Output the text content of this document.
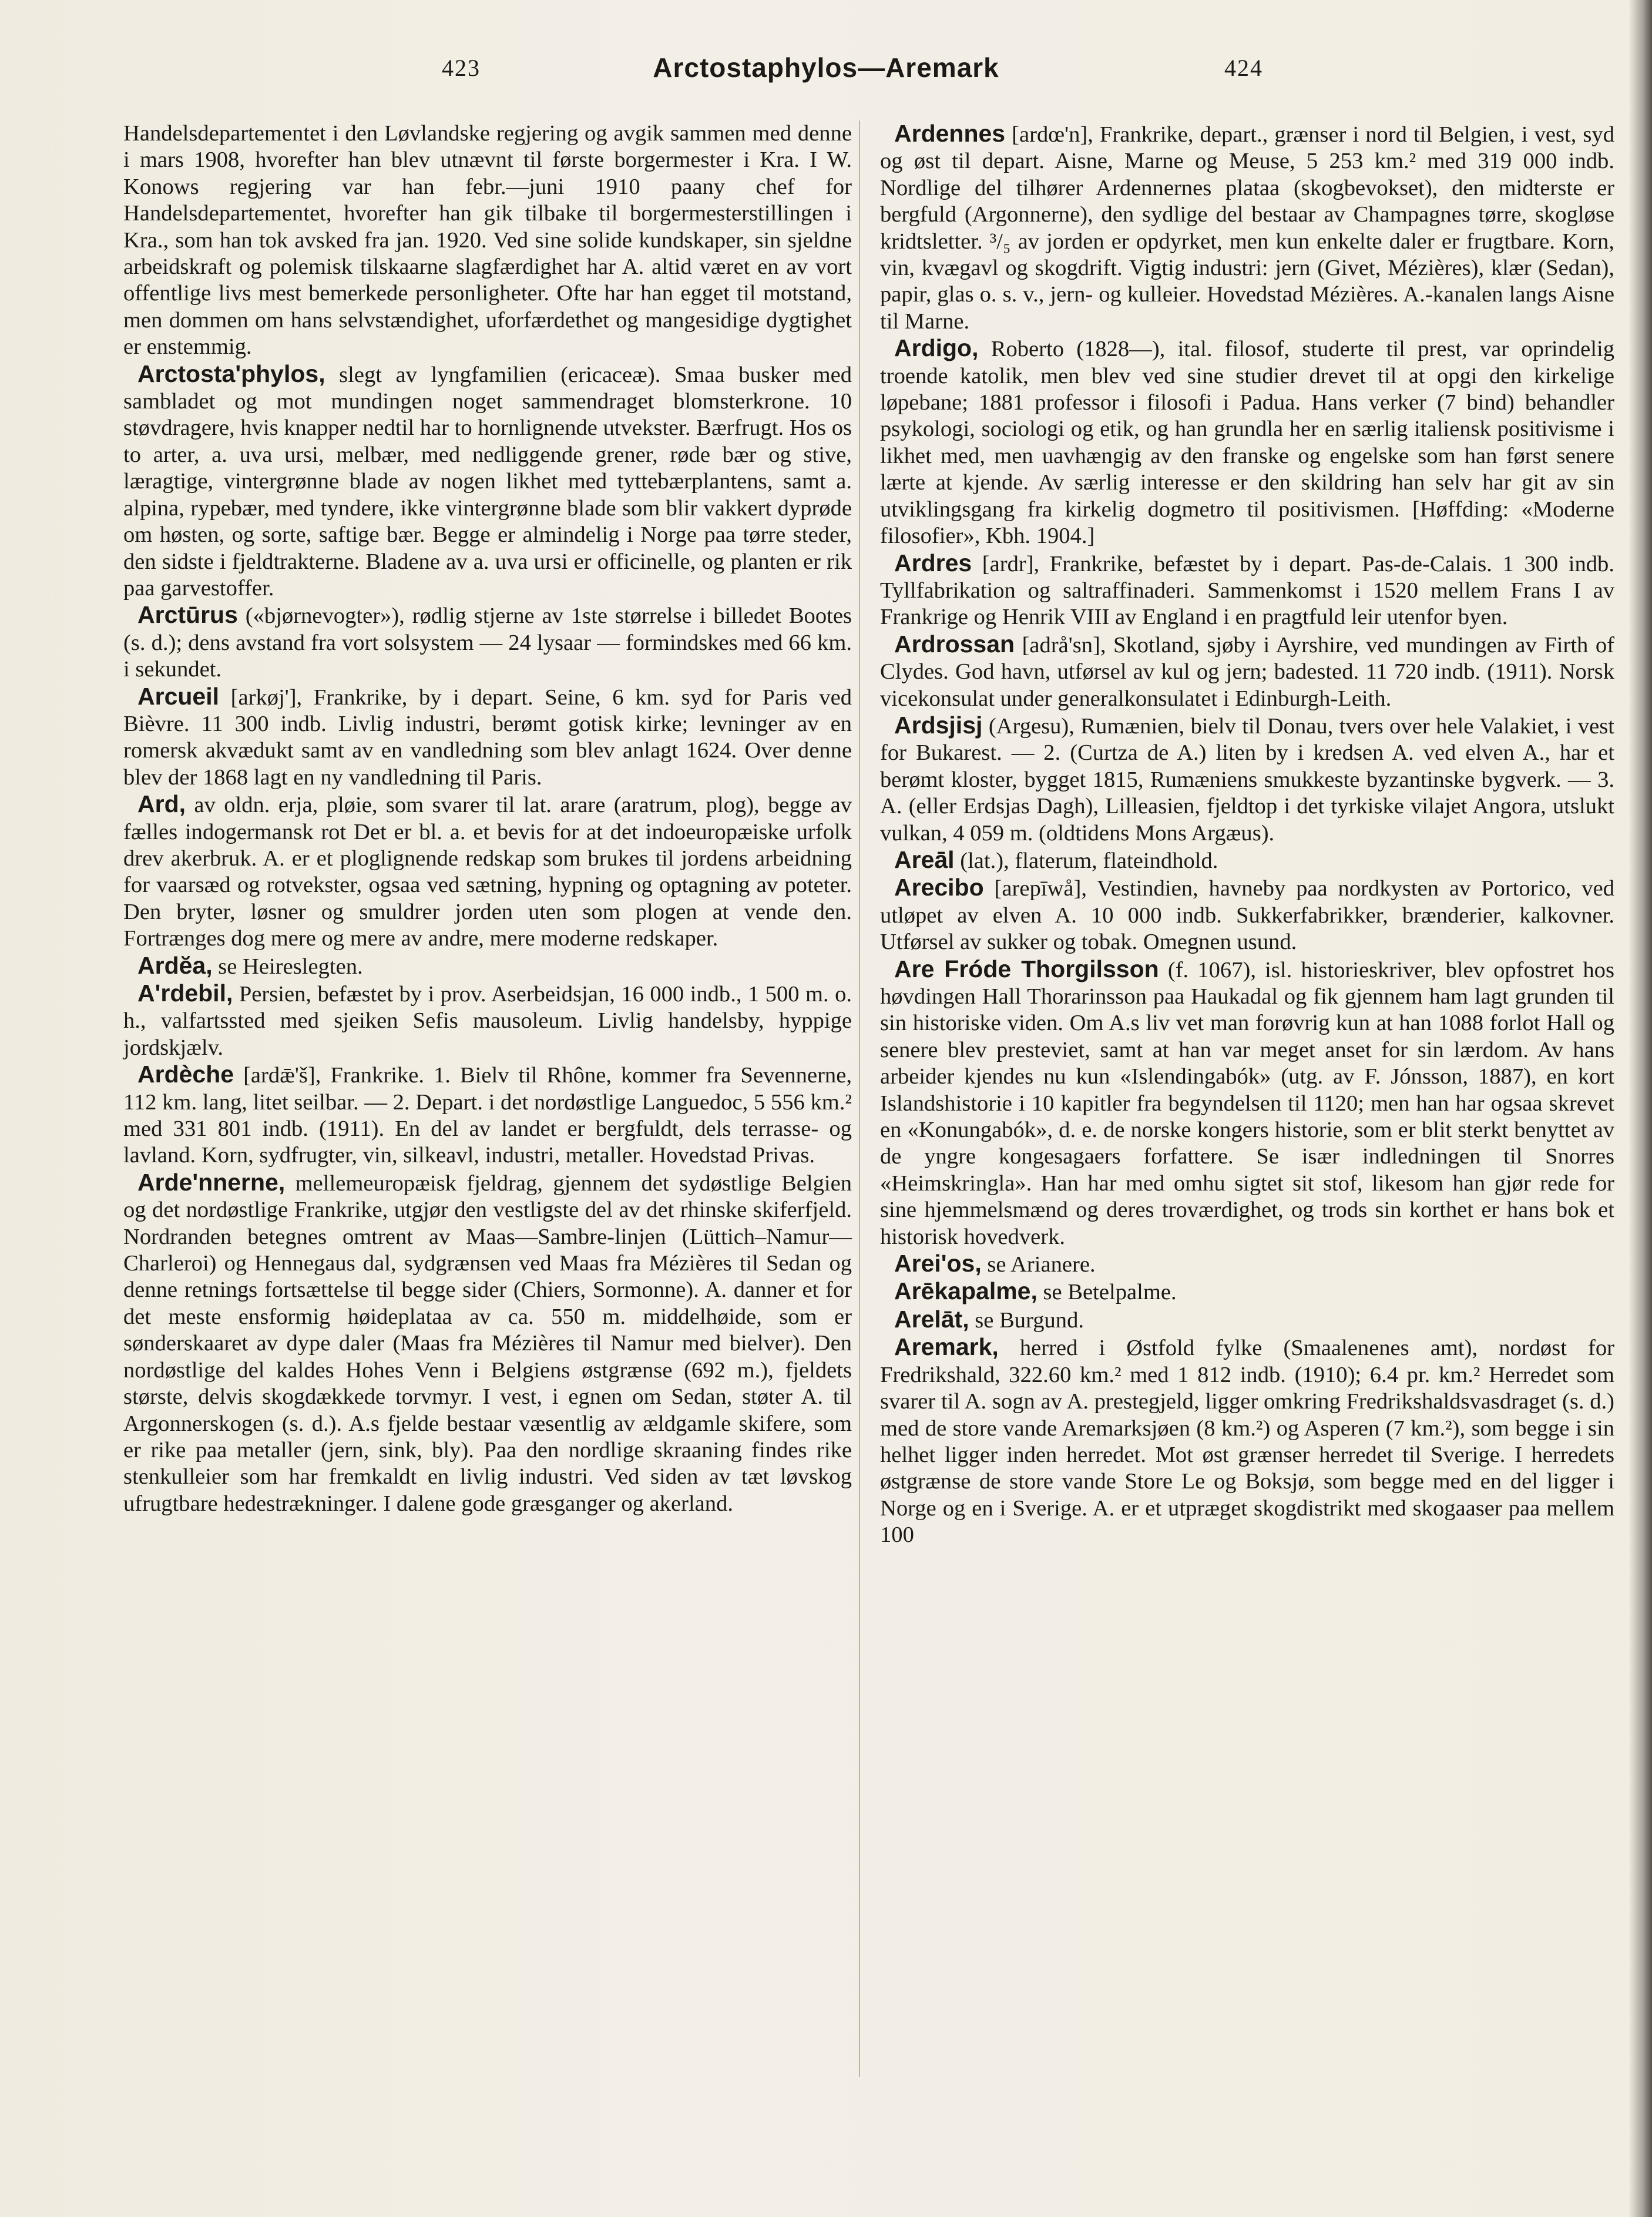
423	Arctostaphylos—Aremark	424

Handelsdepartementet i den Løvlandske regjering og avgik sammen med denne i mars 1908, hvorefter han blev utnævnt til første borgermester i Kra. I W. Konows regjering var han febr.—juni 1910 paany chef for Handelsdepartementet, hvorefter han gik tilbake til borgermesterstillingen i Kra., som han tok avsked fra jan. 1920. Ved sine solide kundskaper, sin sjeldne arbeidskraft og polemisk tilskaarne slagfærdighet har A. altid været en av vort offentlige livs mest bemerkede personligheter. Ofte har han egget til motstand, men dommen om hans selvstændighet, uforfærdethet og mangesidige dygtighet er enstemmig.

Arctosta'phylos, slegt av lyngfamilien (ericaceæ). Smaa busker med sambladet og mot mundingen noget sammendraget blomsterkrone. 10 støvdragere, hvis knapper nedtil har to hornlignende utvekster. Bærfrugt. Hos os to arter, a. uva ursi, melbær, med nedliggende grener, røde bær og stive, læragtige, vintergrønne blade av nogen likhet med tyttebærplantens, samt a. alpina, rypebær, med tyndere, ikke vintergrønne blade som blir vakkert dyprøde om høsten, og sorte, saftige bær. Begge er almindelig i Norge paa tørre steder, den sidste i fjeldtrakterne. Bladene av a. uva ursi er officinelle, og planten er rik paa garvestoffer.

Arctūrus («bjørnevogter»), rødlig stjerne av 1ste størrelse i billedet Bootes (s. d.); dens avstand fra vort solsystem — 24 lysaar — formindskes med 66 km. i sekundet.

Arcueil [arkøj'], Frankrike, by i depart. Seine, 6 km. syd for Paris ved Bièvre. 11 300 indb. Livlig industri, berømt gotisk kirke; levninger av en romersk akvædukt samt av en vandledning som blev anlagt 1624. Over denne blev der 1868 lagt en ny vandledning til Paris.

Ard, av oldn. erja, pløie, som svarer til lat. arare (aratrum, plog), begge av fælles indogermansk rot Det er bl. a. et bevis for at det indoeuropæiske urfolk drev akerbruk. A. er et ploglignende redskap som brukes til jordens arbeidning for vaarsæd og rotvekster, ogsaa ved sætning, hypning og optagning av poteter. Den bryter, løsner og smuldrer jorden uten som plogen at vende den. Fortrænges dog mere og mere av andre, mere moderne redskaper.

Ardĕa, se Heireslegten.

A'rdebil, Persien, befæstet by i prov. Aserbeidsjan, 16 000 indb., 1 500 m. o. h., valfartssted med sjeiken Sefis mausoleum. Livlig handelsby, hyppige jordskjælv.

Ardèche [ardǣ'š], Frankrike. 1. Bielv til Rhône, kommer fra Sevennerne, 112 km. lang, litet seilbar. — 2. Depart. i det nordøstlige Languedoc, 5 556 km.² med 331 801 indb. (1911). En del av landet er bergfuldt, dels terrasse- og lavland. Korn, sydfrugter, vin, silkeavl, industri, metaller. Hovedstad Privas.

Arde'nnerne, mellemeuropæisk fjeldrag, gjennem det sydøstlige Belgien og det nordøstlige Frankrike, utgjør den vestligste del av det rhinske skiferfjeld. Nordranden betegnes omtrent av Maas—Sambre-linjen (Lüttich–Namur—Charleroi) og Hennegaus dal, sydgrænsen ved Maas fra Mézières til Sedan og denne retnings fortsættelse til begge sider (Chiers, Sormonne). A. danner et for det meste ensformig høideplataa av ca. 550 m. middelhøide, som er sønderskaaret av dype daler (Maas fra Mézières til Namur med bielver). Den nordøstlige del kaldes Hohes Venn i Belgiens østgrænse (692 m.), fjeldets største, delvis skogdækkede torvmyr. I vest, i egnen om Sedan, støter A. til Argonnerskogen (s. d.). A.s fjelde bestaar væsentlig av ældgamle skifere, som er rike paa metaller (jern, sink, bly). Paa den nordlige skraaning findes rike stenkulleier som har fremkaldt en livlig industri. Ved siden av tæt løvskog ufrugtbare hedestrækninger. I dalene gode græsganger og akerland.

Ardennes [ardœ'n], Frankrike, depart., grænser i nord til Belgien, i vest, syd og øst til depart. Aisne, Marne og Meuse, 5 253 km.² med 319 000 indb. Nordlige del tilhører Ardennernes plataa (skogbevokset), den midterste er bergfuld (Argonnerne), den sydlige del bestaar av Champagnes tørre, skogløse kridtsletter. ³/₅ av jorden er opdyrket, men kun enkelte daler er frugtbare. Korn, vin, kvægavl og skogdrift. Vigtig industri: jern (Givet, Mézières), klær (Sedan), papir, glas o. s. v., jern- og kulleier. Hovedstad Mézières. A.-kanalen langs Aisne til Marne.

Ardigo, Roberto (1828—), ital. filosof, studerte til prest, var oprindelig troende katolik, men blev ved sine studier drevet til at opgi den kirkelige løpebane; 1881 professor i filosofi i Padua. Hans verker (7 bind) behandler psykologi, sociologi og etik, og han grundla her en særlig italiensk positivisme i likhet med, men uavhængig av den franske og engelske som han først senere lærte at kjende. Av særlig interesse er den skildring han selv har git av sin utviklingsgang fra kirkelig dogmetro til positivismen. [Høffding: «Moderne filosofier», Kbh. 1904.]

Ardres [ardr], Frankrike, befæstet by i depart. Pas-de-Calais. 1 300 indb. Tyllfabrikation og saltraffinaderi. Sammenkomst i 1520 mellem Frans I av Frankrige og Henrik VIII av England i en pragtfuld leir utenfor byen.

Ardrossan [adrå'sn], Skotland, sjøby i Ayrshire, ved mundingen av Firth of Clydes. God havn, utførsel av kul og jern; badested. 11 720 indb. (1911). Norsk vicekonsulat under generalkonsulatet i Edinburgh-Leith.

Ardsjisj (Argesu), Rumænien, bielv til Donau, tvers over hele Valakiet, i vest for Bukarest. — 2. (Curtza de A.) liten by i kredsen A. ved elven A., har et berømt kloster, bygget 1815, Rumæniens smukkeste byzantinske bygverk. — 3. A. (eller Erdsjas Dagh), Lilleasien, fjeldtop i det tyrkiske vilajet Angora, utslukt vulkan, 4 059 m. (oldtidens Mons Argæus).

Areāl (lat.), flaterum, flateindhold.

Arecibo [arepīwå], Vestindien, havneby paa nordkysten av Portorico, ved utløpet av elven A. 10 000 indb. Sukkerfabrikker, brænderier, kalkovner. Utførsel av sukker og tobak. Omegnen usund.

Are Fróde Thorgilsson (f. 1067), isl. historieskriver, blev opfostret hos høvdingen Hall Thorarinsson paa Haukadal og fik gjennem ham lagt grunden til sin historiske viden. Om A.s liv vet man forøvrig kun at han 1088 forlot Hall og senere blev presteviet, samt at han var meget anset for sin lærdom. Av hans arbeider kjendes nu kun «Islendingabók» (utg. av F. Jónsson, 1887), en kort Islandshistorie i 10 kapitler fra begyndelsen til 1120; men han har ogsaa skrevet en «Konungabók», d. e. de norske kongers historie, som er blit sterkt benyttet av de yngre kongesagaers forfattere. Se især indledningen til Snorres «Heimskringla». Han har med omhu sigtet sit stof, likesom han gjør rede for sine hjemmelsmænd og deres troværdighet, og trods sin korthet er hans bok et historisk hovedverk.

Arei'os, se Arianere.

Arēkapalme, se Betelpalme.

Arelāt, se Burgund.

Aremark, herred i Østfold fylke (Smaalenenes amt), nordøst for Fredrikshald, 322.60 km.² med 1 812 indb. (1910); 6.4 pr. km.² Herredet som svarer til A. sogn av A. prestegjeld, ligger omkring Fredrikshaldsvasdraget (s. d.) med de store vande Aremarksjøen (8 km.²) og Asperen (7 km.²), som begge i sin helhet ligger inden herredet. Mot øst grænser herredet til Sverige. I herredets østgrænse de store vande Store Le og Boksjø, som begge med en del ligger i Norge og en i Sverige. A. er et utpræget skogdistrikt med skogaaser paa mellem 100
